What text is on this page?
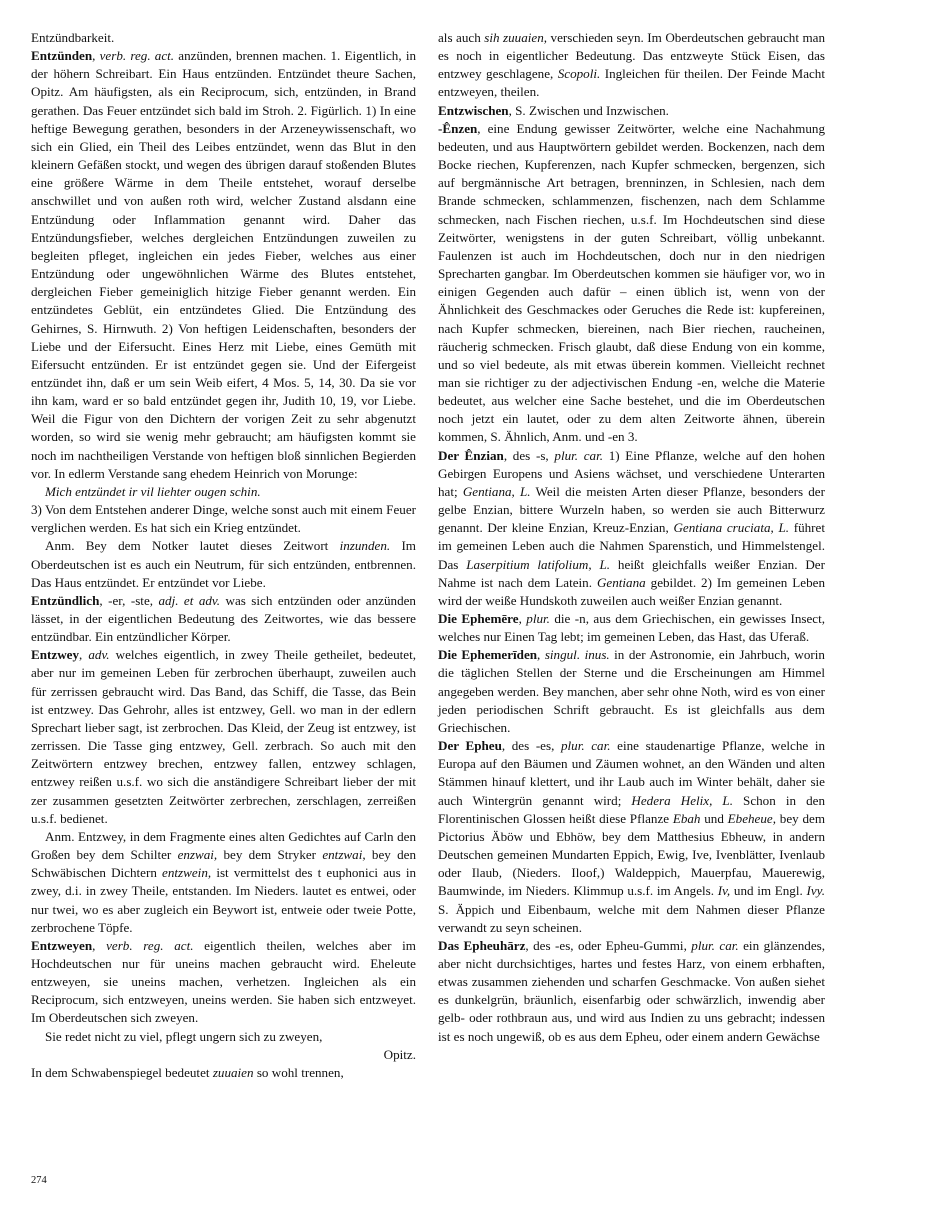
Entzündbarkeit.

Entzünden, verb. reg. act. anzünden, brennen machen. 1. Eigentlich, in der höhern Schreibart. Ein Haus entzünden. Entzündet theure Sachen, Opitz. Am häufigsten, als ein Reciprocum, sich, entzünden, in Brand gerathen. Das Feuer entzündet sich bald im Stroh. 2. Figürlich. 1) In eine heftige Bewegung gerathen, besonders in der Arzeneywissenschaft, wo sich ein Glied, ein Theil des Leibes entzündet, wenn das Blut in den kleinern Gefäßen stockt, und wegen des übrigen darauf stoßenden Blutes eine größere Wärme in dem Theile entstehet, worauf derselbe anschwillet und von außen roth wird, welcher Zustand alsdann eine Entzündung oder Inflammation genannt wird. Daher das Entzündungsfieber, welches dergleichen Entzündungen zuweilen zu begleiten pfleget, ingleichen ein jedes Fieber, welches aus einer Entzündung oder ungewöhnlichen Wärme des Blutes entstehet, dergleichen Fieber gemeiniglich hitzige Fieber genannt werden. Ein entzündetes Geblüt, ein entzündetes Glied. Die Entzündung des Gehirnes, S. Hirnwuth. 2) Von heftigen Leidenschaften, besonders der Liebe und der Eifersucht. Eines Herz mit Liebe, eines Gemüth mit Eifersucht entzünden. Er ist entzündet gegen sie. Und der Eifergeist entzündet ihn, daß er um sein Weib eifert, 4 Mos. 5, 14, 30. Da sie vor ihn kam, ward er so bald entzündet gegen ihr, Judith 10, 19, vor Liebe. Weil die Figur von den Dichtern der vorigen Zeit zu sehr abgenutzt worden, so wird sie wenig mehr gebraucht; am häufigsten kommt sie noch im nachtheiligen Verstande von heftigen bloß sinnlichen Begierden vor. In edlerm Verstande sang ehedem Heinrich von Morunge:

Mich entzündet ir vil liehter ougen schin.

3) Von dem Entstehen anderer Dinge, welche sonst auch mit einem Feuer verglichen werden. Es hat sich ein Krieg entzündet.

Anm. Bey dem Notker lautet dieses Zeitwort inzunden. Im Oberdeutschen ist es auch ein Neutrum, für sich entzünden, entbrennen. Das Haus entzündet. Er entzündet vor Liebe.

Entzündlich, -er, -ste, adj. et adv. was sich entzünden oder anzünden lässet, in der eigentlichen Bedeutung des Zeitwortes, wie das bessere entzündbar. Ein entzündlicher Körper.

Entzwey, adv. welches eigentlich, in zwey Theile getheilet, bedeutet, aber nur im gemeinen Leben für zerbrochen überhaupt, zuweilen auch für zerrissen gebraucht wird. Das Band, das Schiff, die Tasse, das Bein ist entzwey. Das Gehrohr, alles ist entzwey, Gell. wo man in der edlern Sprechart lieber sagt, ist zerbrochen. Das Kleid, der Zeug ist entzwey, ist zerrissen. Die Tasse ging entzwey, Gell. zerbrach. So auch mit den Zeitwörtern entzwey brechen, entzwey fallen, entzwey schlagen, entzwey reißen u.s.f. wo sich die anständigere Schreibart lieber der mit zer zusammen gesetzten Zeitwörter zerbrechen, zerschlagen, zerreißen u.s.f. bedienet.

Anm. Entzwey, in dem Fragmente eines alten Gedichtes auf Carln den Großen bey dem Schilter enzwai, bey dem Stryker entzwai, bey den Schwäbischen Dichtern entzwein, ist vermittelst des t euphonici aus in zwey, d.i. in zwey Theile, entstanden. Im Nieders. lautet es entwei, oder nur twei, wo es aber zugleich ein Beywort ist, entweie oder tweie Potte, zerbrochene Töpfe.

Entzweyen, verb. reg. act. eigentlich theilen, welches aber im Hochdeutschen nur für uneins machen gebraucht wird. Eheleute entzweyen, sie uneins machen, verhetzen. Ingleichen als ein Reciprocum, sich entzweyen, uneins werden. Sie haben sich entzweyet. Im Oberdeutschen sich zweyen.

Sie redet nicht zu viel, pflegt ungern sich zu zweyen,

Opitz.

In dem Schwabenspiegel bedeutet zuuaien so wohl trennen,

als auch sih zuuaien, verschieden seyn. Im Oberdeutschen gebraucht man es noch in eigentlicher Bedeutung. Das entzweyte Stück Eisen, das entzwey geschlagene, Scopoli. Ingleichen für theilen. Der Feinde Macht entzweyen, theilen.

Entzwischen, S. Zwischen und Inzwischen.

-Ênzen, eine Endung gewisser Zeitwörter, welche eine Nachahmung bedeuten, und aus Hauptwörtern gebildet werden. Bockenzen, nach dem Bocke riechen, Kupferenzen, nach Kupfer schmecken, bergenzen, sich auf bergmännische Art betragen, brenninzen, in Schlesien, nach dem Brande schmecken, schlammenzen, fischenzen, nach dem Schlamme schmecken, nach Fischen riechen, u.s.f. Im Hochdeutschen sind diese Zeitwörter, wenigstens in der guten Schreibart, völlig unbekannt. Faulenzen ist auch im Hochdeutschen, doch nur in den niedrigen Sprecharten gangbar. Im Oberdeutschen kommen sie häufiger vor, wo in einigen Gegenden auch dafür – einen üblich ist, wenn von der Ähnlichkeit des Geschmackes oder Geruches die Rede ist: kupfereinen, nach Kupfer schmecken, biereinen, nach Bier riechen, raucheinen, räucherig schmecken. Frisch glaubt, daß diese Endung von ein komme, und so viel bedeute, als mit etwas überein kommen. Vielleicht rechnet man sie richtiger zu der adjectivischen Endung -en, welche die Materie bedeutet, aus welcher eine Sache bestehet, und die im Oberdeutschen noch jetzt ein lautet, oder zu dem alten Zeitworte ähnen, überein kommen, S. Ähnlich, Anm. und -en 3.

Der Ênzian, des -s, plur. car. 1) Eine Pflanze, welche auf den hohen Gebirgen Europens und Asiens wächset, und verschiedene Unterarten hat; Gentiana, L. Weil die meisten Arten dieser Pflanze, besonders der gelbe Enzian, bittere Wurzeln haben, so werden sie auch Bitterwurz genannt. Der kleine Enzian, Kreuz-Enzian, Gentiana cruciata, L. führet im gemeinen Leben auch die Nahmen Sparenstich, und Himmelstengel. Das Laserpitium latifolium, L. heißt gleichfalls weißer Enzian. Der Nahme ist nach dem Latein. Gentiana gebildet. 2) Im gemeinen Leben wird der weiße Hundskoth zuweilen auch weißer Enzian genannt.

Die Ephemēre, plur. die -n, aus dem Griechischen, ein gewisses Insect, welches nur Einen Tag lebt; im gemeinen Leben, das Hast, das Uferaß.

Die Ephemerīden, singul. inus. in der Astronomie, ein Jahrbuch, worin die täglichen Stellen der Sterne und die Erscheinungen am Himmel angegeben werden. Bey manchen, aber sehr ohne Noth, wird es von einer jeden periodischen Schrift gebraucht. Es ist gleichfalls aus dem Griechischen.

Der Epheu, des -es, plur. car. eine staudenartige Pflanze, welche in Europa auf den Bäumen und Zäumen wohnet, an den Wänden und alten Stämmen hinauf klettert, und ihr Laub auch im Winter behält, daher sie auch Wintergrün genannt wird; Hedera Helix, L. Schon in den Florentinischen Glossen heißt diese Pflanze Ebah und Ebeheue, bey dem Pictorius Äböw und Ebhöw, bey dem Matthesius Ebheuw, in andern Deutschen gemeinen Mundarten Eppich, Ewig, Ive, Ivenblätter, Ivenlaub oder Ilaub, (Nieders. Iloof,) Waldeppich, Mauerpfau, Mauerewig, Baumwinde, im Nieders. Klimmup u.s.f. im Angels. Iv, und im Engl. Ivy. S. Äppich und Eibenbaum, welche mit dem Nahmen dieser Pflanze verwandt zu seyn scheinen.

Das Epheuhārz, des -es, oder Epheu-Gummi, plur. car. ein glänzendes, aber nicht durchsichtiges, hartes und festes Harz, von einem erbhaften, etwas zusammen ziehenden und scharfen Geschmacke. Von außen siehet es dunkelgrün, bräunlich, eisenfarbig oder schwärzlich, inwendig aber gelb- oder rothbraun aus, und wird aus Indien zu uns gebracht; indessen ist es noch ungewiß, ob es aus dem Epheu, oder einem andern Gewächse

274
